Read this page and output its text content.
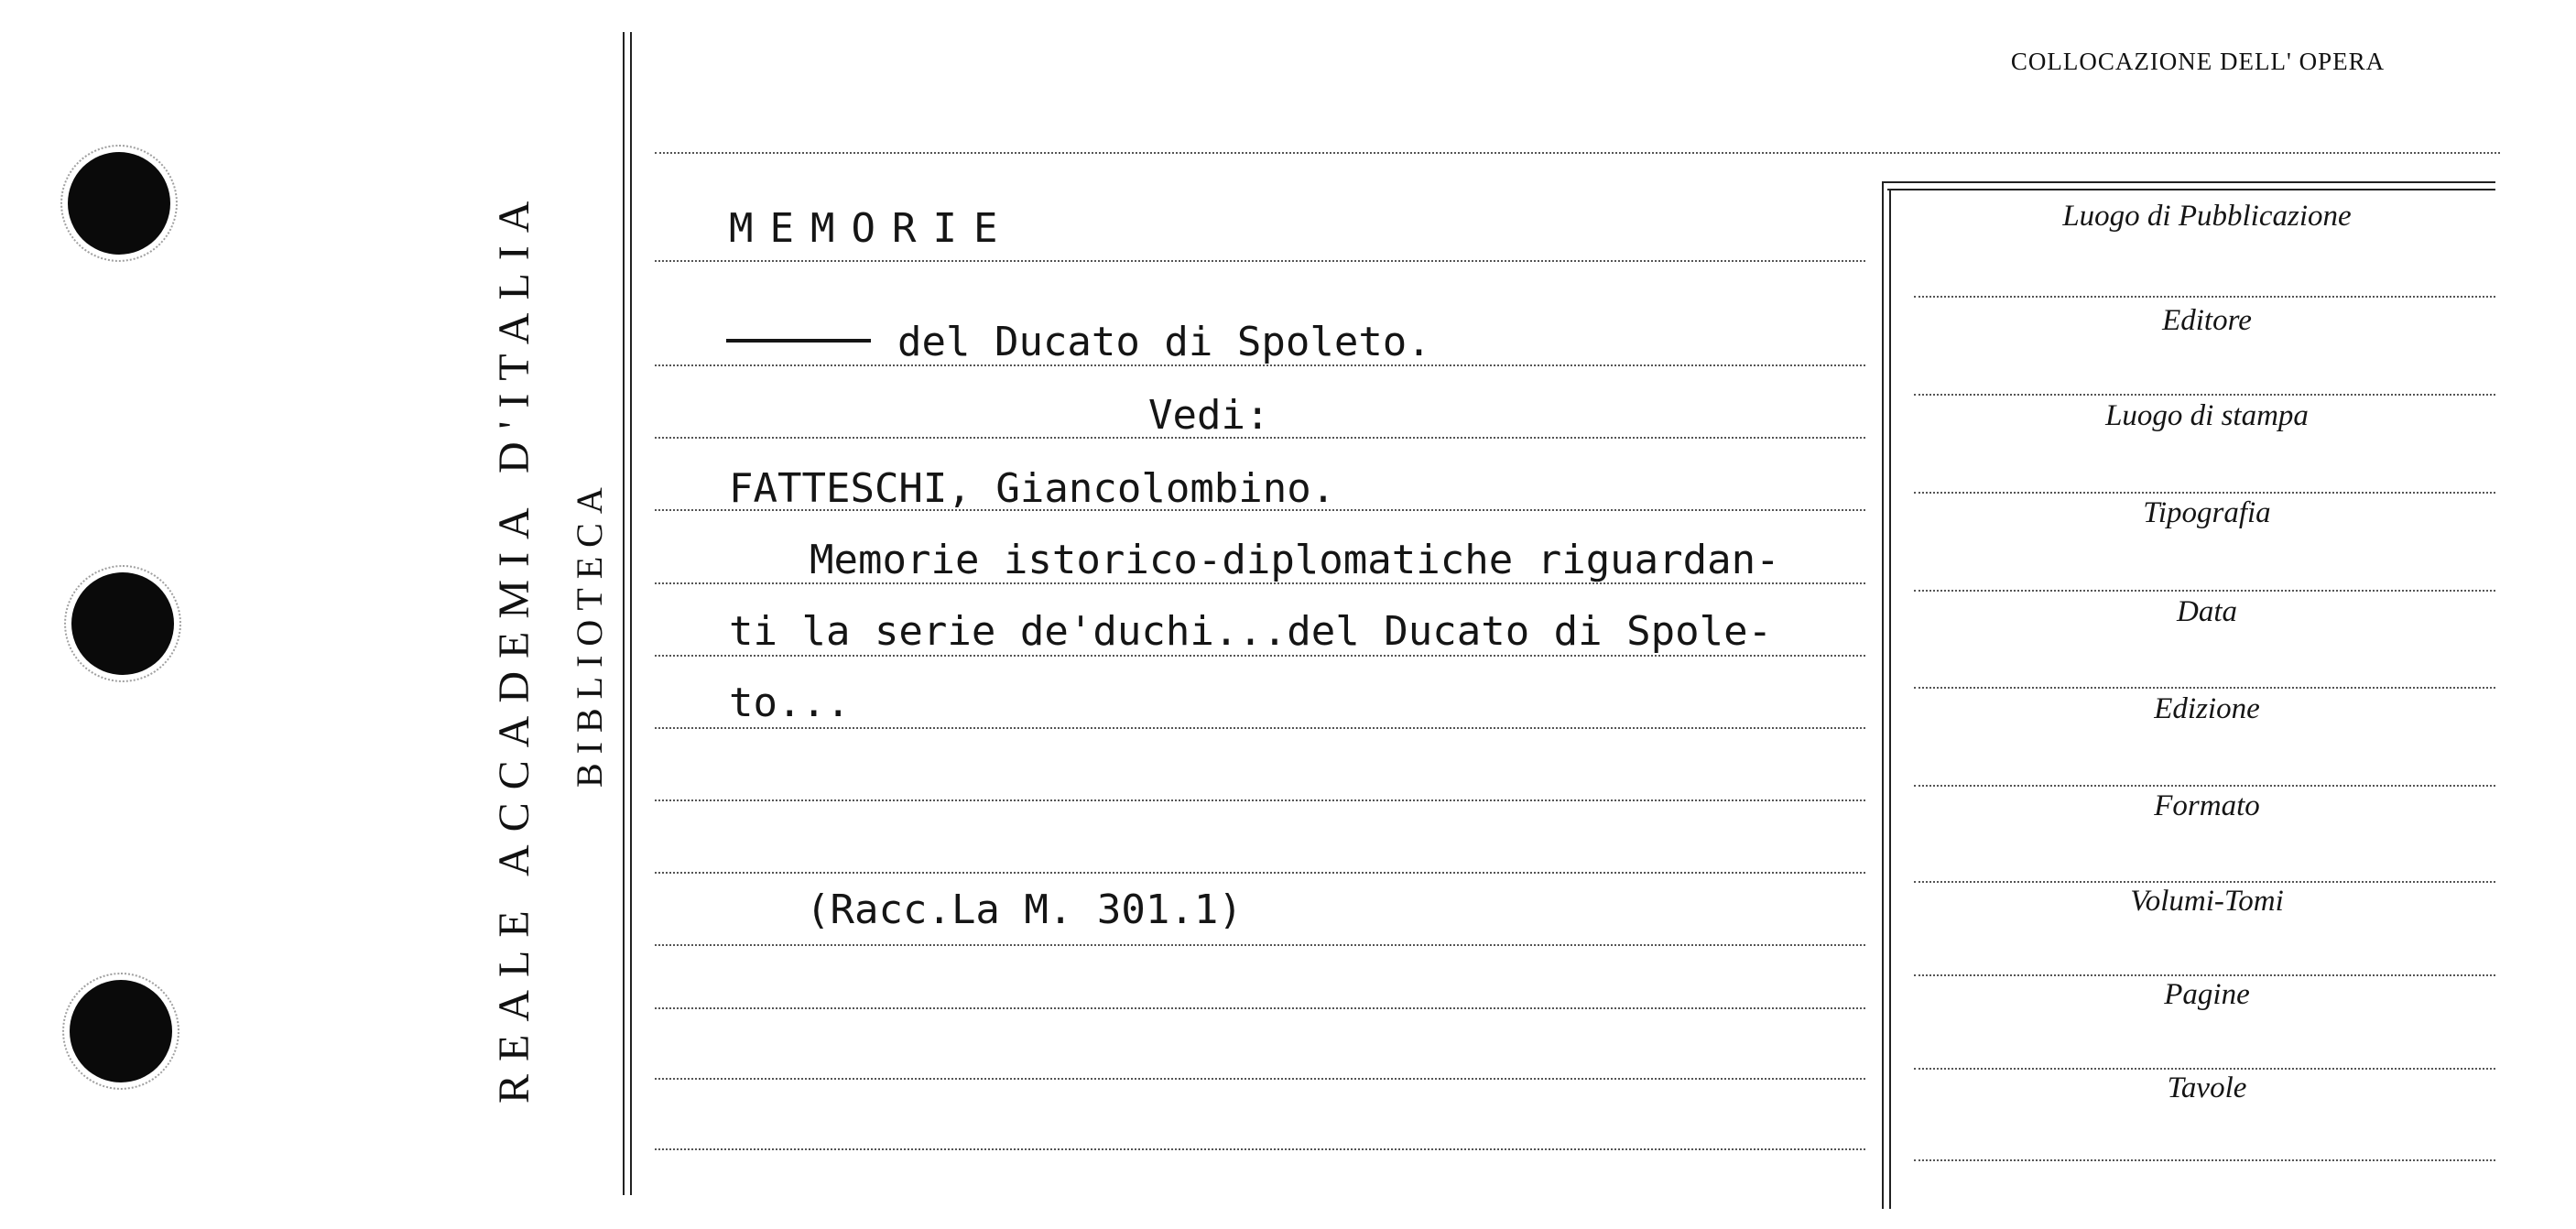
REALE ACCADEMIA D'ITALIA BIBLIOTECA
COLLOCAZIONE DELL' OPERA
MEMORIE
del Ducato di Spoleto.
Vedi:
FATTESCHI, Giancolombino.
Memorie istorico-diplomatiche riguardan-
ti la serie de'duchi...del Ducato di Spole-
to...
(Racc.La M. 301.1)
Luogo di Pubblicazione
Editore
Luogo di stampa
Tipografia
Data
Edizione
Formato
Volumi-Tomi
Pagine
Tavole
